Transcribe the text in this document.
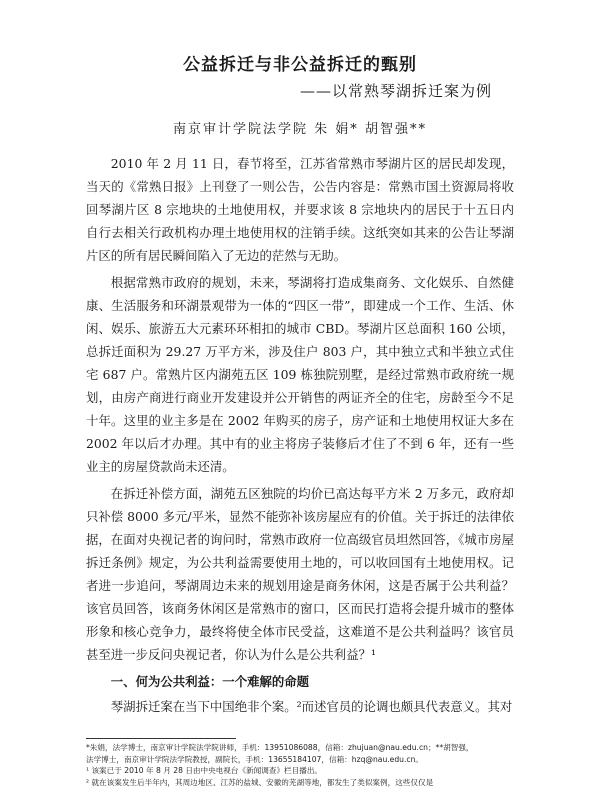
公益拆迁与非公益拆迁的甄别
——以常熟琴湖拆迁案为例
南京审计学院法学院 朱 娟* 胡智强**

2010 年 2 月 11 日，春节将至，江苏省常熟市琴湖片区的居民却发现，当天的《常熟日报》上刊登了一则公告，公告内容是：常熟市国土资源局将收回琴湖片区 8 宗地块的土地使用权，并要求该 8 宗地块内的居民于十五日内自行去相关行政机构办理土地使用权的注销手续。这纸突如其来的公告让琴湖片区的所有居民瞬间陷入了无边的茫然与无助。

根据常熟市政府的规划，未来，琴湖将打造成集商务、文化娱乐、自然健康、生活服务和环湖景观带为一体的“四区一带”，即建成一个工作、生活、休闲、娱乐、旅游五大元素环环相扣的城市 CBD。琴湖片区总面积 160 公顷，总拆迁面积为 29.27 万平方米，涉及住户 803 户，其中独立式和半独立式住宅 687 户。常熟片区内湖苑五区 109 栋独院别墅，是经过常熟市政府统一规划，由房产商进行商业开发建设并公开销售的两证齐全的住宅，房龄至今不足十年。这里的业主多是在 2002 年购买的房子，房产证和土地使用权证大多在 2002 年以后才办理。其中有的业主将房子装修后才住了不到 6 年，还有一些业主的房屋贷款尚未还清。

在拆迁补偿方面，湖苑五区独院的均价已高达每平方米 2 万多元，政府却只补偿 8000 多元/平米，显然不能弥补该房屋应有的价值。关于拆迁的法律依据，在面对央视记者的询问时，常熟市政府一位高级官员坦然回答，《城市房屋拆迁条例》规定，为公共利益需要使用土地的，可以收回国有土地使用权。记者进一步追问，琴湖周边未来的规划用途是商务休闲，这是否属于公共利益？该官员回答，该商务休闲区是常熟市的窗口，区而民打造将会提升城市的整体形象和核心竞争力，最终将使全体市民受益，这难道不是公共利益吗？该官员甚至进一步反问央视记者，你认为什么是公共利益？¹

一、何为公共利益：一个难解的命题

琴湖拆迁案在当下中国绝非个案。²而述官员的论调也颇具代表意义。其对

*朱娟，法学博士，南京审计学院法学院讲师，手机：13951086088，信箱：zhujuan@nau.edu.cn；**胡智强，

法学博士，南京审计学院法学院教授，副院长，手机：13655184107，信箱：hzq@nau.edu.cn。

¹ 该案已于 2010 年 8 月 28 日由中央电视台《新闻调查》栏目播出。

² 就在该案发生后半年内，其周边地区、江苏的盐城、安徽的芜湖等地，都发生了类似案例，这些仅仅是
